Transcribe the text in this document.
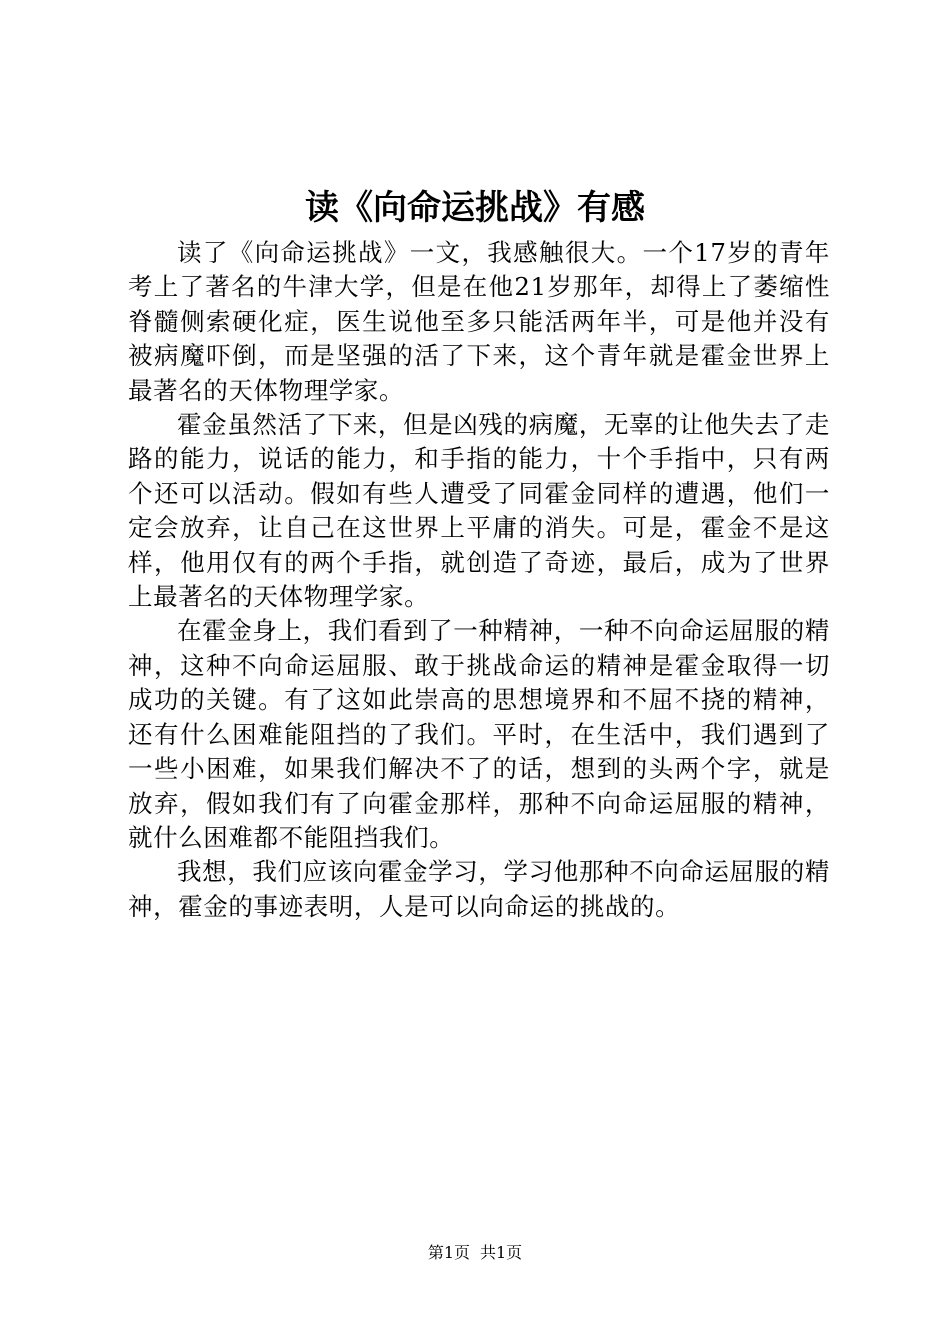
读《向命运挑战》有感

读了《向命运挑战》一文，我感触很大。一个17岁的青年考上了著名的牛津大学，但是在他21岁那年，却得上了萎缩性脊髓侧索硬化症，医生说他至多只能活两年半，可是他并没有被病魔吓倒，而是坚强的活了下来，这个青年就是霍金世界上最著名的天体物理学家。

霍金虽然活了下来，但是凶残的病魔，无辜的让他失去了走路的能力，说话的能力，和手指的能力，十个手指中，只有两个还可以活动。假如有些人遭受了同霍金同样的遭遇，他们一定会放弃，让自己在这世界上平庸的消失。可是，霍金不是这样，他用仅有的两个手指，就创造了奇迹，最后，成为了世界上最著名的天体物理学家。

在霍金身上，我们看到了一种精神，一种不向命运屈服的精神，这种不向命运屈服、敢于挑战命运的精神是霍金取得一切成功的关键。有了这如此崇高的思想境界和不屈不挠的精神，还有什么困难能阻挡的了我们。平时，在生活中，我们遇到了一些小困难，如果我们解决不了的话，想到的头两个字，就是放弃，假如我们有了向霍金那样，那种不向命运屈服的精神，就什么困难都不能阻挡我们。

我想，我们应该向霍金学习，学习他那种不向命运屈服的精神，霍金的事迹表明，人是可以向命运的挑战的。

第1页 共1页
